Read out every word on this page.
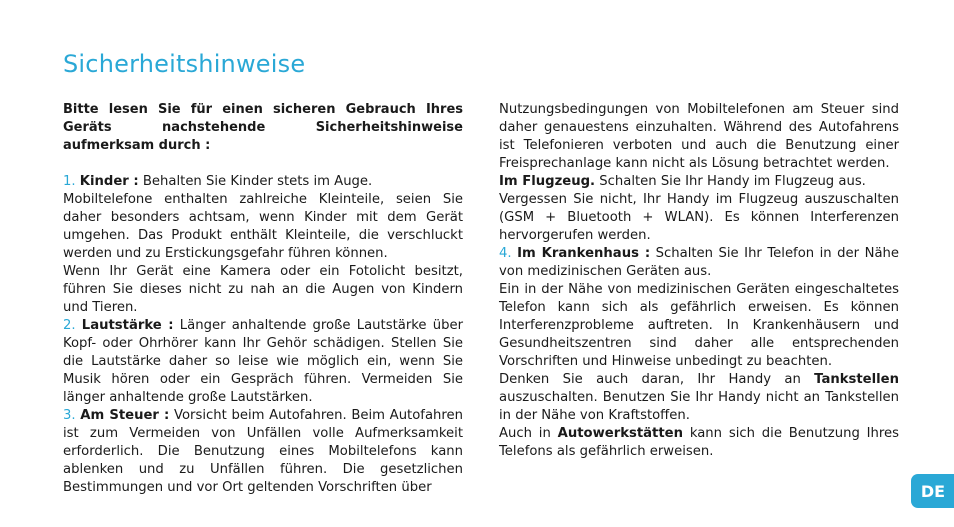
Sicherheitshinweise

Bitte lesen Sie für einen sicheren Gebrauch Ihres Geräts nachstehende Sicherheitshinweise aufmerksam durch :

1. Kinder : Behalten Sie Kinder stets im Auge.

Mobiltelefone enthalten zahlreiche Kleinteile, seien Sie daher besonders achtsam, wenn Kinder mit dem Gerät umgehen. Das Produkt enthält Kleinteile, die verschluckt werden und zu Erstickungsgefahr führen können.

Wenn Ihr Gerät eine Kamera oder ein Fotolicht besitzt, führen Sie dieses nicht zu nah an die Augen von Kindern und Tieren.

2. Lautstärke : Länger anhaltende große Lautstärke über Kopf- oder Ohrhörer kann Ihr Gehör schädigen. Stellen Sie die Lautstärke daher so leise wie möglich ein, wenn Sie Musik hören oder ein Gespräch führen. Vermeiden Sie länger anhaltende große Lautstärken.

3. Am Steuer : Vorsicht beim Autofahren. Beim Autofahren ist zum Vermeiden von Unfällen volle Aufmerksamkeit erforderlich. Die Benutzung eines Mobiltelefons kann ablenken und zu Unfällen führen. Die gesetzlichen Bestimmungen und vor Ort geltenden Vorschriften über

Nutzungsbedingungen von Mobiltelefonen am Steuer sind daher genauestens einzuhalten. Während des Autofahrens ist Telefonieren verboten und auch die Benutzung einer Freisprechanlage kann nicht als Lösung betrachtet werden.

Im Flugzeug. Schalten Sie Ihr Handy im Flugzeug aus.

Vergessen Sie nicht, Ihr Handy im Flugzeug auszuschalten (GSM + Bluetooth + WLAN). Es können Interferenzen hervorgerufen werden.

4. Im Krankenhaus : Schalten Sie Ihr Telefon in der Nähe von medizinischen Geräten aus.

Ein in der Nähe von medizinischen Geräten eingeschaltetes Telefon kann sich als gefährlich erweisen. Es können Interferenzprobleme auftreten. In Krankenhäusern und Gesundheitszentren sind daher alle entsprechenden Vorschriften und Hinweise unbedingt zu beachten.

Denken Sie auch daran, Ihr Handy an Tankstellen auszuschalten. Benutzen Sie Ihr Handy nicht an Tankstellen in der Nähe von Kraftstoffen.

Auch in Autowerkstätten kann sich die Benutzung Ihres Telefons als gefährlich erweisen.

DE
